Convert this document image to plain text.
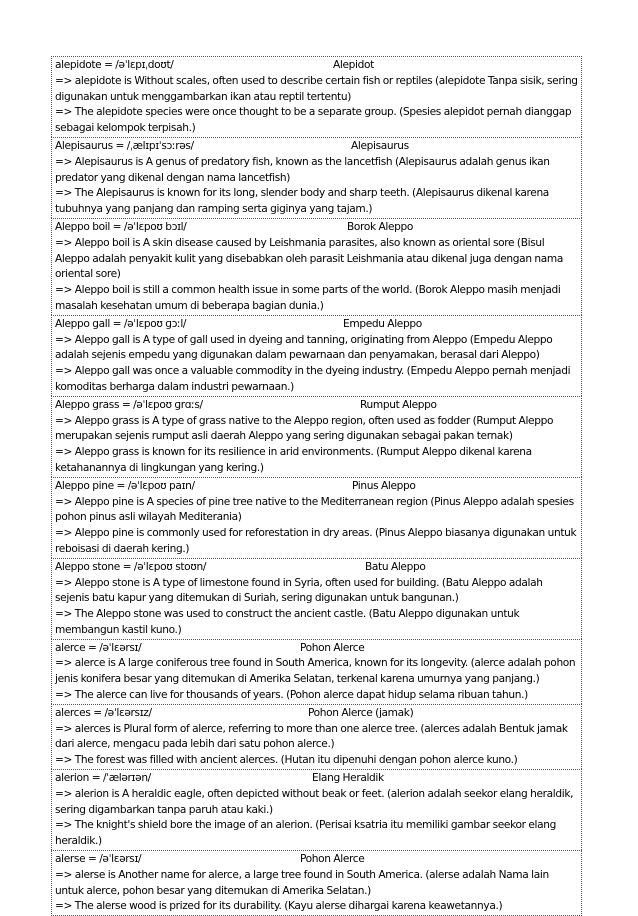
alepidote = /əˈlɛpɪˌdoʊt/	Alepidot
=> alepidote is Without scales, often used to describe certain fish or reptiles (alepidote Tanpa sisik, sering digunakan untuk menggambarkan ikan atau reptil tertentu)
=> The alepidote species were once thought to be a separate group. (Spesies alepidot pernah dianggap sebagai kelompok terpisah.)
Alepisaurus = /ˌælɪpɪˈsɔːrəs/	Alepisaurus
=> Alepisaurus is A genus of predatory fish, known as the lancetfish (Alepisaurus adalah genus ikan predator yang dikenal dengan nama lancetfish)
=> The Alepisaurus is known for its long, slender body and sharp teeth. (Alepisaurus dikenal karena tubuhnya yang panjang dan ramping serta giginya yang tajam.)
Aleppo boil = /əˈlɛpoʊ bɔɪl/	Borok Aleppo
=> Aleppo boil is A skin disease caused by Leishmania parasites, also known as oriental sore (Bisul Aleppo adalah penyakit kulit yang disebabkan oleh parasit Leishmania atau dikenal juga dengan nama oriental sore)
=> Aleppo boil is still a common health issue in some parts of the world. (Borok Aleppo masih menjadi masalah kesehatan umum di beberapa bagian dunia.)
Aleppo gall = /əˈlɛpoʊ ɡɔːl/	Empedu Aleppo
=> Aleppo gall is A type of gall used in dyeing and tanning, originating from Aleppo (Empedu Aleppo adalah sejenis empedu yang digunakan dalam pewarnaan dan penyamakan, berasal dari Aleppo)
=> Aleppo gall was once a valuable commodity in the dyeing industry. (Empedu Aleppo pernah menjadi komoditas berharga dalam industri pewarnaan.)
Aleppo grass = /əˈlɛpoʊ ɡrɑːs/	Rumput Aleppo
=> Aleppo grass is A type of grass native to the Aleppo region, often used as fodder (Rumput Aleppo merupakan sejenis rumput asli daerah Aleppo yang sering digunakan sebagai pakan ternak)
=> Aleppo grass is known for its resilience in arid environments. (Rumput Aleppo dikenal karena ketahanannya di lingkungan yang kering.)
Aleppo pine = /əˈlɛpoʊ paɪn/	Pinus Aleppo
=> Aleppo pine is A species of pine tree native to the Mediterranean region (Pinus Aleppo adalah spesies pohon pinus asli wilayah Mediterania)
=> Aleppo pine is commonly used for reforestation in dry areas. (Pinus Aleppo biasanya digunakan untuk reboisasi di daerah kering.)
Aleppo stone = /əˈlɛpoʊ stoʊn/	Batu Aleppo
=> Aleppo stone is A type of limestone found in Syria, often used for building. (Batu Aleppo adalah sejenis batu kapur yang ditemukan di Suriah, sering digunakan untuk bangunan.)
=> The Aleppo stone was used to construct the ancient castle. (Batu Aleppo digunakan untuk membangun kastil kuno.)
alerce = /əˈlɛərsɪ/	Pohon Alerce
=> alerce is A large coniferous tree found in South America, known for its longevity. (alerce adalah pohon jenis konifera besar yang ditemukan di Amerika Selatan, terkenal karena umurnya yang panjang.)
=> The alerce can live for thousands of years. (Pohon alerce dapat hidup selama ribuan tahun.)
alerces = /əˈlɛərsɪz/	Pohon Alerce (jamak)
=> alerces is Plural form of alerce, referring to more than one alerce tree. (alerces adalah Bentuk jamak dari alerce, mengacu pada lebih dari satu pohon alerce.)
=> The forest was filled with ancient alerces. (Hutan itu dipenuhi dengan pohon alerce kuno.)
alerion = /ˈælərɪən/	Elang Heraldik
=> alerion is A heraldic eagle, often depicted without beak or feet. (alerion adalah seekor elang heraldik, sering digambarkan tanpa paruh atau kaki.)
=> The knight's shield bore the image of an alerion. (Perisai ksatria itu memiliki gambar seekor elang heraldik.)
alerse = /əˈlɛərsɪ/	Pohon Alerce
=> alerse is Another name for alerce, a large tree found in South America. (alerse adalah Nama lain untuk alerce, pohon besar yang ditemukan di Amerika Selatan.)
=> The alerse wood is prized for its durability. (Kayu alerse dihargai karena keawetannya.)
